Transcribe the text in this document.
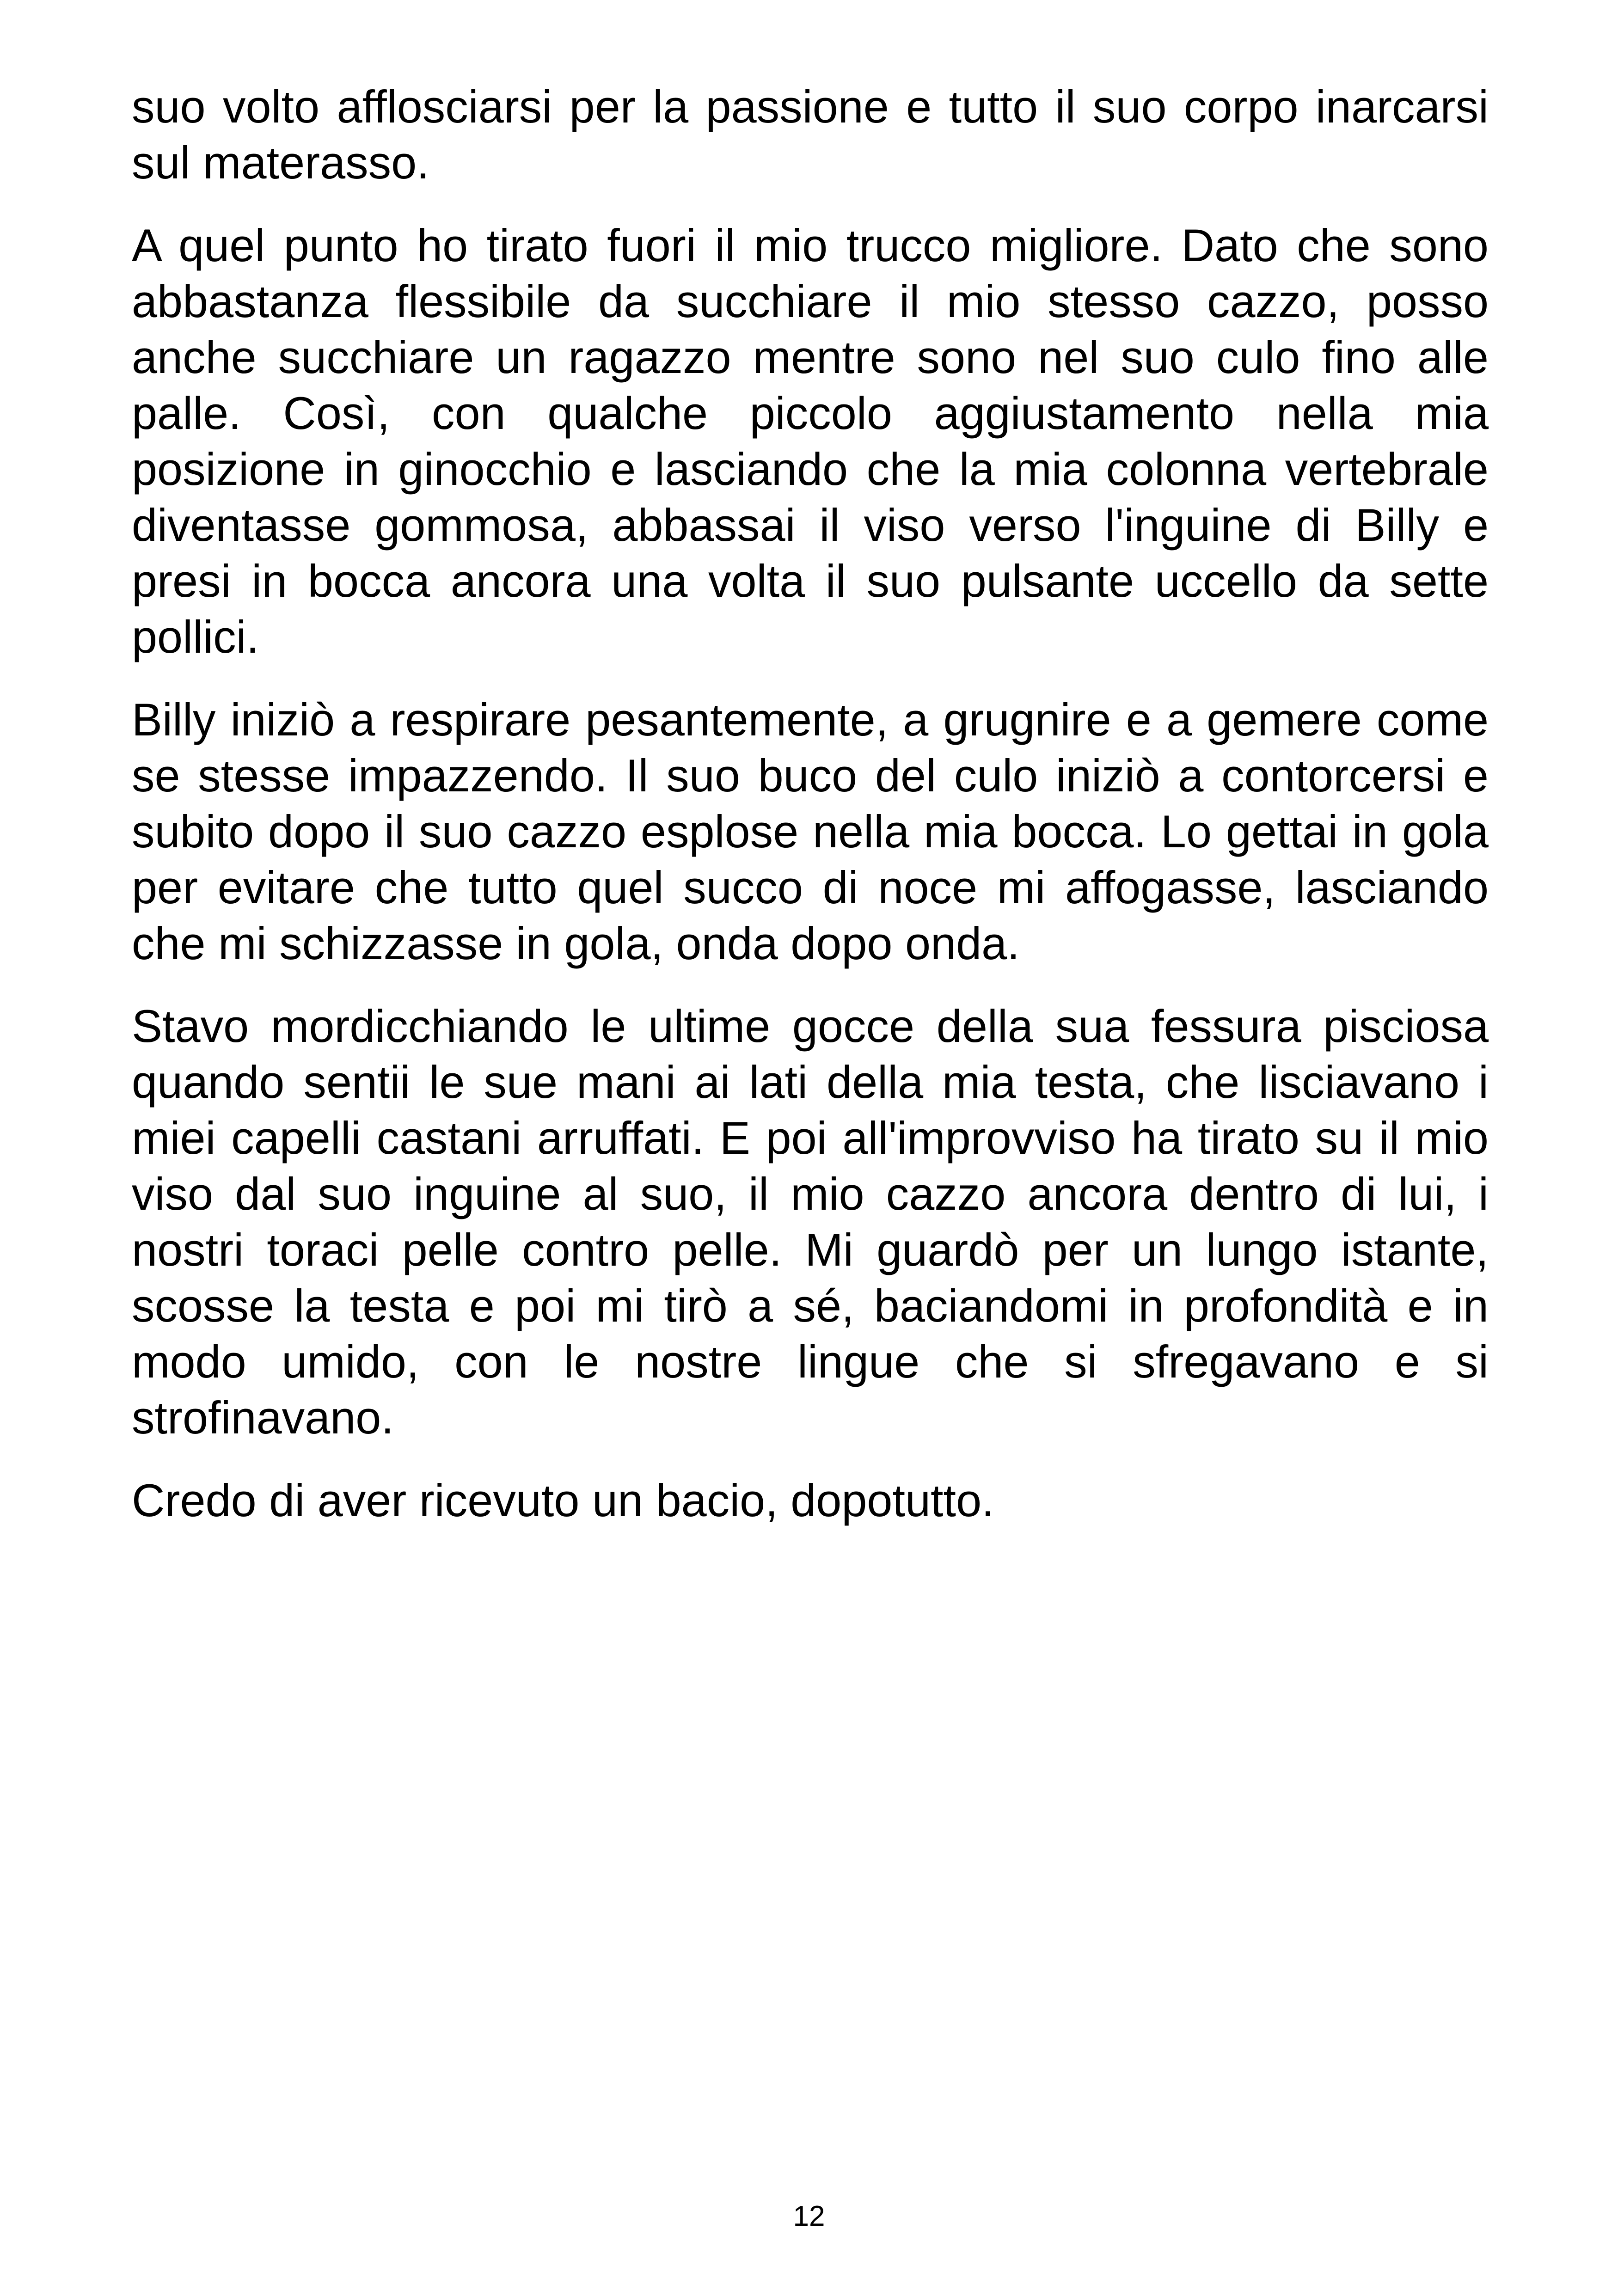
suo volto afflosciarsi per la passione e tutto il suo corpo inarcarsi sul materasso.

A quel punto ho tirato fuori il mio trucco migliore. Dato che sono abbastanza flessibile da succhiare il mio stesso cazzo, posso anche succhiare un ragazzo mentre sono nel suo culo fino alle palle. Così, con qualche piccolo aggiustamento nella mia posizione in ginocchio e lasciando che la mia colonna vertebrale diventasse gommosa, abbassai il viso verso l'inguine di Billy e presi in bocca ancora una volta il suo pulsante uccello da sette pollici.

Billy iniziò a respirare pesantemente, a grugnire e a gemere come se stesse impazzendo. Il suo buco del culo iniziò a contorcersi e subito dopo il suo cazzo esplose nella mia bocca. Lo gettai in gola per evitare che tutto quel succo di noce mi affogasse, lasciando che mi schizzasse in gola, onda dopo onda.

Stavo mordicchiando le ultime gocce della sua fessura pisciosa quando sentii le sue mani ai lati della mia testa, che lisciavano i miei capelli castani arruffati. E poi all'improvviso ha tirato su il mio viso dal suo inguine al suo, il mio cazzo ancora dentro di lui, i nostri toraci pelle contro pelle. Mi guardò per un lungo istante, scosse la testa e poi mi tirò a sé, baciandomi in profondità e in modo umido, con le nostre lingue che si sfregavano e si strofinavano.

Credo di aver ricevuto un bacio, dopotutto.

12
